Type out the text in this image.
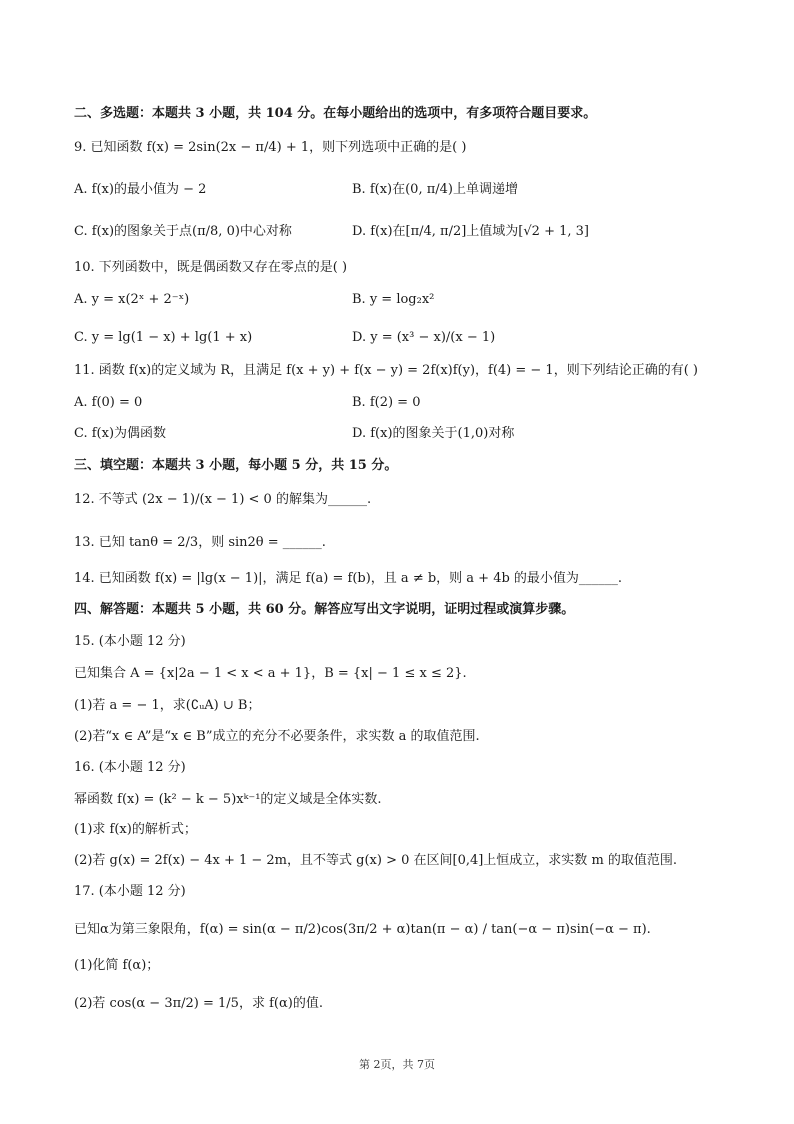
二、多选题：本题共 3 小题，共 104 分。在每小题给出的选项中，有多项符合题目要求。
9. 已知函数 f(x) = 2sin(2x − π/4) + 1，则下列选项中正确的是( )
A. f(x)的最小值为 − 2	B. f(x)在(0, π/4)上单调递增
C. f(x)的图象关于点(π/8, 0)中心对称	D. f(x)在[π/4, π/2]上值域为[√2 + 1, 3]
10. 下列函数中，既是偶函数又存在零点的是( )
A. y = x(2ˣ + 2⁻ˣ)	B. y = log₂x²
C. y = lg(1 − x) + lg(1 + x)	D. y = (x³ − x)/(x − 1)
11. 函数 f(x)的定义域为 R，且满足 f(x + y) + f(x − y) = 2f(x)f(y)，f(4) = − 1，则下列结论正确的有( )
A. f(0) = 0	B. f(2) = 0
C. f(x)为偶函数	D. f(x)的图象关于(1,0)对称
三、填空题：本题共 3 小题，每小题 5 分，共 15 分。
12. 不等式 (2x − 1)/(x − 1) < 0 的解集为______.
13. 已知 tanθ = 2/3，则 sin2θ = ______.
14. 已知函数 f(x) = |lg(x − 1)|，满足 f(a) = f(b)，且 a ≠ b，则 a + 4b 的最小值为______.
四、解答题：本题共 5 小题，共 60 分。解答应写出文字说明，证明过程或演算步骤。
15. (本小题 12 分)
已知集合 A = {x|2a − 1 < x < a + 1}，B = {x| − 1 ≤ x ≤ 2}.
(1)若 a = − 1，求(∁ᵤA) ∪ B；
(2)若“x ∈ A”是“x ∈ B”成立的充分不必要条件，求实数 a 的取值范围.
16. (本小题 12 分)
幂函数 f(x) = (k² − k − 5)xᵏ⁻¹的定义域是全体实数.
(1)求 f(x)的解析式；
(2)若 g(x) = 2f(x) − 4x + 1 − 2m，且不等式 g(x) > 0 在区间[0,4]上恒成立，求实数 m 的取值范围.
17. (本小题 12 分)
已知α为第三象限角，f(α) = sin(α − π/2)cos(3π/2 + α)tan(π − α) / tan(−α − π)sin(−α − π).
(1)化简 f(α)；
(2)若 cos(α − 3π/2) = 1/5，求 f(α)的值.
第 2页，共 7页
